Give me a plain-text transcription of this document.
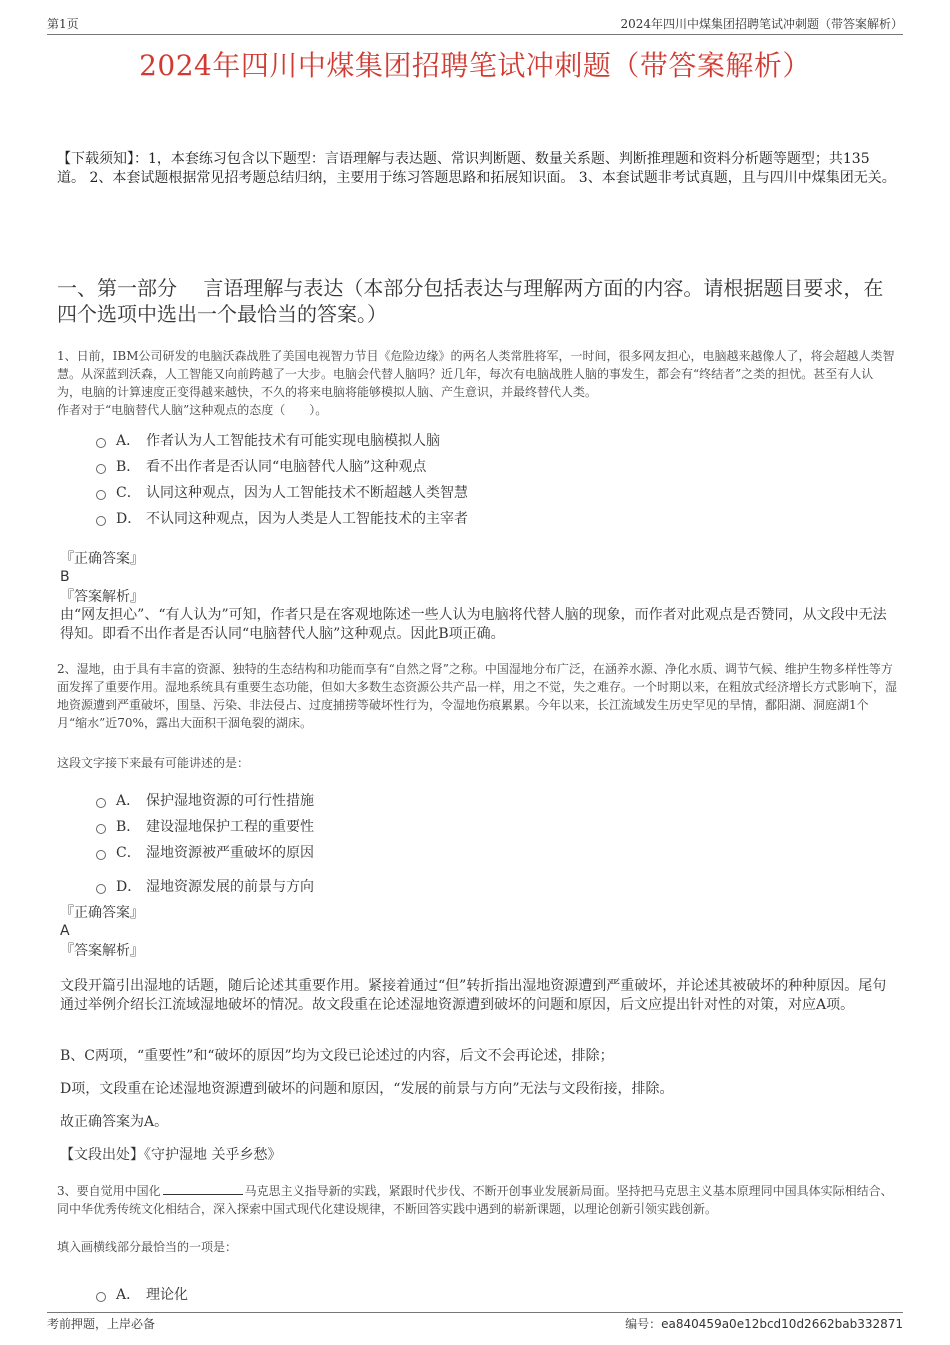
第1页	2024年四川中煤集团招聘笔试冲刺题（带答案解析）
2024年四川中煤集团招聘笔试冲刺题（带答案解析）
【下载须知】：1，本套练习包含以下题型：言语理解与表达题、常识判断题、数量关系题、判断推理题和资料分析题等题型；共135道。 2、本套试题根据常见招考题总结归纳，主要用于练习答题思路和拓展知识面。 3、本套试题非考试真题，且与四川中煤集团无关。
一、第一部分　 言语理解与表达（本部分包括表达与理解两方面的内容。请根据题目要求，在四个选项中选出一个最恰当的答案。）
1、日前，IBM公司研发的电脑沃森战胜了美国电视智力节目《危险边缘》的两名人类常胜将军，一时间，很多网友担心，电脑越来越像人了，将会超越人类智慧。从深蓝到沃森，人工智能又向前跨越了一大步。电脑会代替人脑吗？近几年，每次有电脑战胜人脑的事发生，都会有“终结者”之类的担忧。甚至有人认为，电脑的计算速度正变得越来越快，不久的将来电脑将能够模拟人脑、产生意识，并最终替代人类。
作者对于“电脑替代人脑”这种观点的态度（　　）。
A． 作者认为人工智能技术有可能实现电脑模拟人脑
B． 看不出作者是否认同“电脑替代人脑”这种观点
C． 认同这种观点，因为人工智能技术不断超越人类智慧
D． 不认同这种观点，因为人类是人工智能技术的主宰者
『正确答案』
B
『答案解析』
由“网友担心”、“有人认为”可知，作者只是在客观地陈述一些人认为电脑将代替人脑的现象，而作者对此观点是否赞同，从文段中无法得知。即看不出作者是否认同“电脑替代人脑”这种观点。因此B项正确。
2、湿地，由于具有丰富的资源、独特的生态结构和功能而享有“自然之肾”之称。中国湿地分布广泛，在涵养水源、净化水质、调节气候、维护生物多样性等方面发挥了重要作用。湿地系统具有重要生态功能，但如大多数生态资源公共产品一样，用之不觉，失之难存。一个时期以来，在粗放式经济增长方式影响下，湿地资源遭到严重破坏，围垦、污染、非法侵占、过度捕捞等破坏性行为，令湿地伤痕累累。今年以来，长江流域发生历史罕见的旱情，鄱阳湖、洞庭湖1个月“缩水”近70%，露出大面积干涸龟裂的湖床。
这段文字接下来最有可能讲述的是：
A． 保护湿地资源的可行性措施
B． 建设湿地保护工程的重要性
C． 湿地资源被严重破坏的原因
D． 湿地资源发展的前景与方向
『正确答案』
A
『答案解析』
文段开篇引出湿地的话题，随后论述其重要作用。紧接着通过“但”转折指出湿地资源遭到严重破坏，并论述其被破坏的种种原因。尾句通过举例介绍长江流域湿地破坏的情况。故文段重在论述湿地资源遭到破坏的问题和原因，后文应提出针对性的对策，对应A项。
B、C两项，“重要性”和“破坏的原因”均为文段已论述过的内容，后文不会再论述，排除；
D项，文段重在论述湿地资源遭到破坏的问题和原因，“发展的前景与方向”无法与文段衔接，排除。
故正确答案为A。
【文段出处】《守护湿地 关乎乡愁》
3、要自觉用中国化	马克思主义指导新的实践，紧跟时代步伐、不断开创事业发展新局面。坚持把马克思主义基本原理同中国具体实际相结合、同中华优秀传统文化相结合，深入探索中国式现代化建设规律，不断回答实践中遇到的崭新课题，以理论创新引领实践创新。
填入画横线部分最恰当的一项是：
A． 理论化
考前押题，上岸必备	编号：ea840459a0e12bcd10d2662bab332871
